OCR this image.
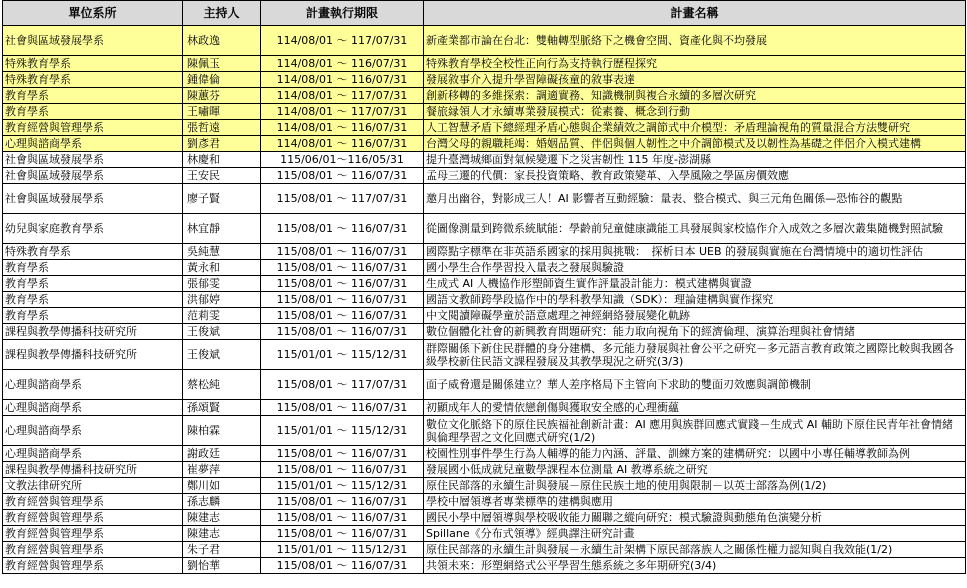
單位系所	主持人	計畫執行期限	計畫名稱
社會與區域發展學系	林政逸	114/08/01 ～ 117/07/31	新產業都市論在台北：雙軸轉型脈絡下之機會空間、資產化與不均發展
特殊教育學系	陳佩玉	114/08/01 ～ 116/07/31	特殊教育學校全校性正向行為支持執行歷程探究
特殊教育學系	鍾偉倫	114/08/01 ～ 116/07/31	發展敘事介入提升學習障礙孩童的敘事表達
教育學系	陳蕙芬	114/08/01 ～ 117/07/31	創新移轉的多維探索：調適實務、知識機制與複合永續的多層次研究
教育學系	王嘯暉	114/08/01 ～ 117/07/31	餐旅縁領人才永續專業發展模式：從素養、概念到行動
教育經營與管理學系	張哲遠	114/08/01 ～ 116/07/31	人工智慧矛盾下總經理矛盾心態與企業績效之調節式中介模型：矛盾理論視角的質量混合方法雙研究
心理與諮商學系	劉彥君	114/08/01 ～ 116/07/31	台灣父母的親職耗竭：婚姻品質、伴侶與個人韌性之中介調節模式及以韌性為基礎之伴侶介入模式建構
社會與區域發展學系	林慶和	115/06/01～116/05/31	提升臺灣城鄉面對氣候變遷下之災害韌性 115 年度-澎湖縣
社會與區域發展學系	王安民	115/08/01 ～ 116/07/31	孟母三遷的代價：家長投資策略、教育政策變革、入學風險之學區房價效應
社會與區域發展學系	廖子賢	115/08/01 ～ 117/07/31	邀月出幽谷，對影成三人！AI 影響者互動經驗：量表、整合模式、與三元角色關係—恐怖谷的觀點
幼兒與家庭教育學系	林宜靜	115/08/01 ～ 116/07/31	從圖像測量到跨微系統賦能：學齡前兒童健康識能工具發展與家校協作介入成效之多層次叢集隨機對照試驗
特殊教育學系	吳純慧	115/08/01 ～ 116/07/31	國際點字標準在非英語系國家的採用與挑戰：　探析日本 UEB 的發展與實施在台灣情境中的適切性評估
教育學系	黃永和	115/08/01 ～ 116/07/31	國小學生合作學習投入量表之發展與驗證
教育學系	張郁雯	115/08/01 ～ 116/07/31	生成式 AI 人機協作形塑師資生實作評量設計能力：模式建構與實證
教育學系	洪郁婷	115/08/01 ～ 116/07/31	國語文教師跨學段協作中的學科教學知識（SDK）：理論建構與實作探究
教育學系	范莉雯	115/08/01 ～ 116/07/31	中文閱讀障礙學童於語意處理之神經網絡發展變化軌跡
課程與教學傳播科技研究所	王俊斌	115/08/01 ～ 116/07/31	數位個體化社會的新興教育問題研究：能力取向視角下的經濟倫理、演算治理與社會情緒
課程與教學傳播科技研究所	王俊斌	115/01/01 ～ 115/12/31	群際關係下新住民群體的身分建構、多元能力發展與社會公平之研究－多元語言教育政策之國際比較與我國各級學校新住民語文課程發展及其教學現況之研究(3/3)
心理與諮商學系	蔡松純	115/08/01 ～ 117/07/31	面子威脅還是關係建立？華人差序格局下主管向下求助的雙面刃效應與調節機制
心理與諮商學系	孫頌賢	115/08/01 ～ 116/07/31	初顯成年人的愛情依戀創傷與獲取安全感的心理衝蘊
心理與諮商學系	陳柏霖	115/01/01 ～ 115/12/31	數位文化脈絡下的原住民族福祉創新計畫：AI 應用與族群回應式實踐－生成式 AI 輔助下原住民青年社會情緒與倫理學習之文化回應式研究(1/2)
心理與諮商學系	謝政廷	115/08/01 ～ 116/07/31	校園性別事件學生行為人輔導的能力內涵、評量、訓練方案的建構研究：以國中小專任輔導教師為例
課程與教學傳播科技研究所	崔夢萍	115/08/01 ～ 116/07/31	發展國小低成就兒童數學課程本位測量 AI 教導系統之研究
文教法律研究所	鄭川如	115/01/01 ～ 115/12/31	原住民部落的永續生計與發展－原住民族土地的使用與限制－以英士部落為例(1/2)
教育經營與管理學系	孫志麟	115/08/01 ～ 116/07/31	學校中層領導者專業標準的建構與應用
教育經營與管理學系	陳建志	115/08/01 ～ 116/07/31	國民小學中層領導與學校吸收能力關聯之縱向研究：模式驗證與動態角色演變分析
教育經營與管理學系	陳建志	115/08/01 ～ 116/07/31	Spillane《分布式領導》經典譯注研究計畫
教育經營與管理學系	朱子君	115/01/01 ～ 115/12/31	原住民部落的永續生計與發展－永續生計架構下原民部落族人之關係性權力認知與自我效能(1/2)
教育經營與管理學系	劉怡華	115/08/01 ～ 116/07/31	共領未來：形塑網絡式公平學習生態系統之多年期研究(3/4)
